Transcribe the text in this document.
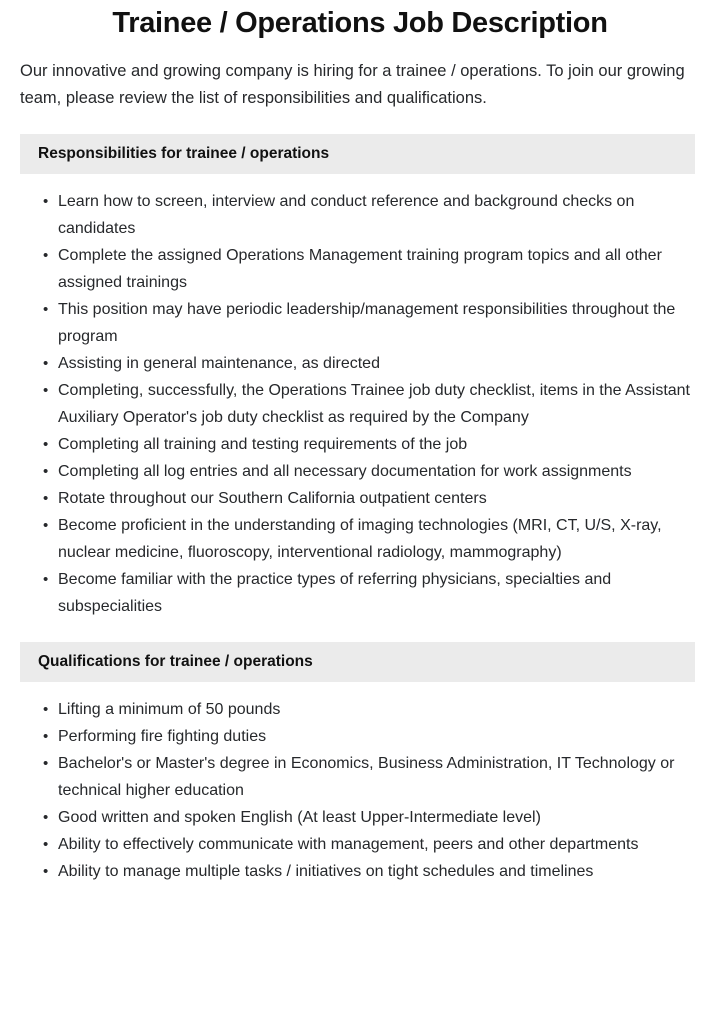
Trainee / Operations Job Description

Our innovative and growing company is hiring for a trainee / operations. To join our growing team, please review the list of responsibilities and qualifications.

Responsibilities for trainee / operations
• Learn how to screen, interview and conduct reference and background checks on candidates
• Complete the assigned Operations Management training program topics and all other assigned trainings
• This position may have periodic leadership/management responsibilities throughout the program
• Assisting in general maintenance, as directed
• Completing, successfully, the Operations Trainee job duty checklist, items in the Assistant Auxiliary Operator's job duty checklist as required by the Company
• Completing all training and testing requirements of the job
• Completing all log entries and all necessary documentation for work assignments
• Rotate throughout our Southern California outpatient centers
• Become proficient in the understanding of imaging technologies (MRI, CT, U/S, X-ray, nuclear medicine, fluoroscopy, interventional radiology, mammography)
• Become familiar with the practice types of referring physicians, specialties and subspecialities
Qualifications for trainee / operations
• Lifting a minimum of 50 pounds
• Performing fire fighting duties
• Bachelor's or Master's degree in Economics, Business Administration, IT Technology or technical higher education
• Good written and spoken English (At least Upper-Intermediate level)
• Ability to effectively communicate with management, peers and other departments
• Ability to manage multiple tasks / initiatives on tight schedules and timelines
